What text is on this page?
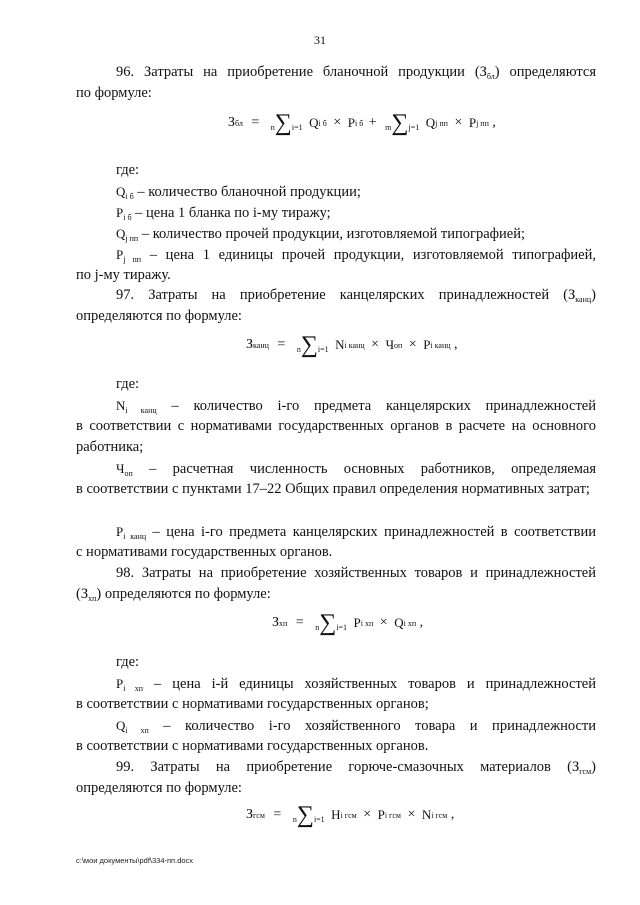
31
96. Затраты на приобретение бланочной продукции $(З_{бл})$ определяются
по формуле:
Збл = n∑i=1 Qi б × Pi б + m∑j=1 Qj пп × Pj пп ,
где:
$Q_{i б}$ – количество бланочной продукции;
$P_{i б}$ – цена 1 бланка по i-му тиражу;
$Q_{j пп}$ – количество прочей продукции, изготовляемой типографией;
$P_{j пп}$ – цена 1 единицы прочей продукции, изготовляемой типографией,
по j-му тиражу.
97. Затраты на приобретение канцелярских принадлежностей $(З_{канц})$
определяются по формуле:
Зканц = n∑i=1 Ni канц × Чоп × Pi канц ,
где:
$N_{i канц}$ – количество i-го предмета канцелярских принадлежностей
в соответствии с нормативами государственных органов в расчете на основного работника;
$Ч_{оп}$ – расчетная численность основных работников, определяемая
в соответствии с пунктами 17–22 Общих правил определения нормативных затрат;
$P_{i канц}$ – цена i-го предмета канцелярских принадлежностей в соответствии
с нормативами государственных органов.
98. Затраты на приобретение хозяйственных товаров и принадлежностей
$(З_{хп})$ определяются по формуле:
Зхп = n∑i=1 Pi хп × Qi хп ,
где:
$P_{i хп}$ – цена i-й единицы хозяйственных товаров и принадлежностей
в соответствии с нормативами государственных органов;
$Q_{i хп}$ – количество i-го хозяйственного товара и принадлежности
в соответствии с нормативами государственных органов.
99. Затраты на приобретение горюче-смазочных материалов $(З_{гсм})$
определяются по формуле:
Згсм = n∑i=1 Hi гсм × Pi гсм × Ni гсм ,
c:\мои документы\pdf\334-пп.docx
